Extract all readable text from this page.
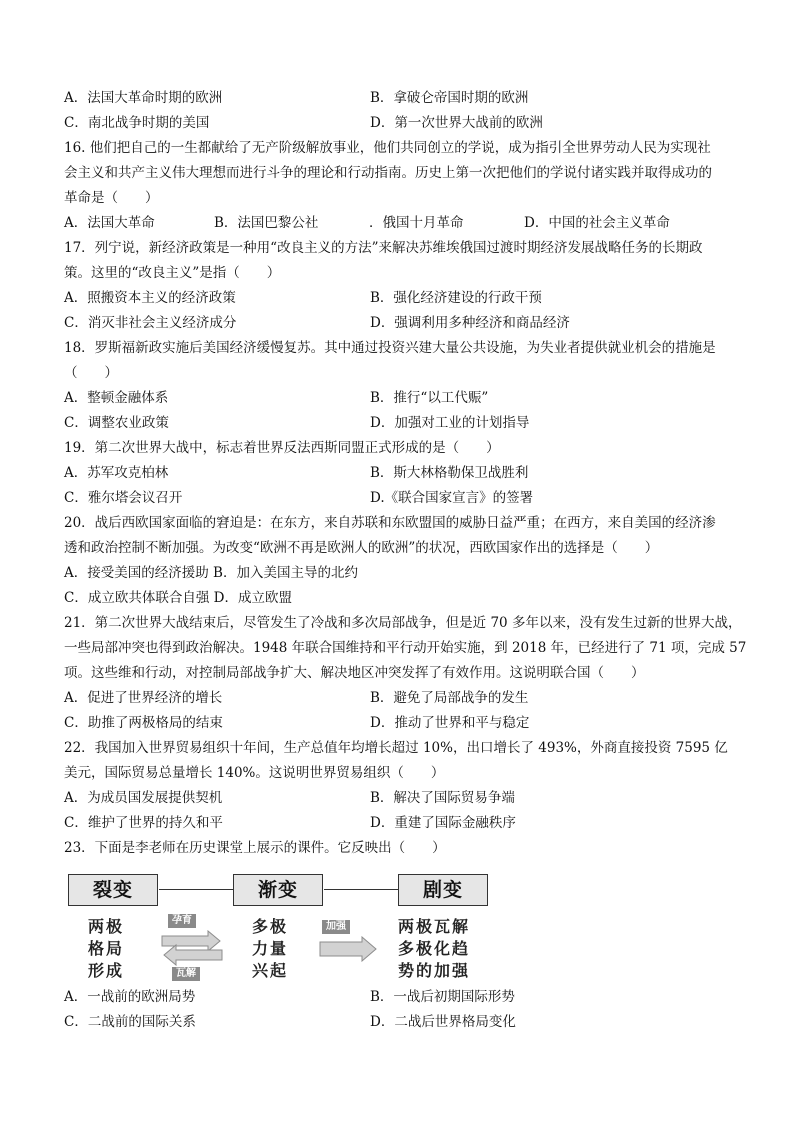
A．法国大革命时期的欧洲	B．拿破仑帝国时期的欧洲
C．南北战争时期的美国	D．第一次世界大战前的欧洲
16. 他们把自己的一生都献给了无产阶级解放事业，他们共同创立的学说，成为指引全世界劳动人民为实现社
会主义和共产主义伟大理想而进行斗争的理论和行动指南。历史上第一次把他们的学说付诸实践并取得成功的
革命是（　　）
A．法国大革命	B．法国巴黎公社	．俄国十月革命	D．中国的社会主义革命
17．列宁说，新经济政策是一种用“改良主义的方法”来解决苏维埃俄国过渡时期经济发展战略任务的长期政
策。这里的“改良主义”是指（　　）
A．照搬资本主义的经济政策	B．强化经济建设的行政干预
C．消灭非社会主义经济成分	D．强调利用多种经济和商品经济
18．罗斯福新政实施后美国经济缓慢复苏。其中通过投资兴建大量公共设施，为失业者提供就业机会的措施是
（　　）
A．整顿金融体系	B．推行“以工代赈”
C．调整农业政策	D．加强对工业的计划指导
19．第二次世界大战中，标志着世界反法西斯同盟正式形成的是（　　）
A．苏军攻克柏林	B．斯大林格勒保卫战胜利
C．雅尔塔会议召开	D.《联合国家宣言》的签署
20．战后西欧国家面临的窘迫是：在东方，来自苏联和东欧盟国的威胁日益严重；在西方，来自美国的经济渗
透和政治控制不断加强。为改变“欧洲不再是欧洲人的欧洲”的状况，西欧国家作出的选择是（　　）
A．接受美国的经济援助 B．加入美国主导的北约
C．成立欧共体联合自强 D．成立欧盟
21．第二次世界大战结束后，尽管发生了冷战和多次局部战争，但是近 70 多年以来，没有发生过新的世界大战，
一些局部冲突也得到政治解决。1948 年联合国维持和平行动开始实施，到 2018 年，已经进行了 71 项，完成 57
项。这些维和行动，对控制局部战争扩大、解决地区冲突发挥了有效作用。这说明联合国（　　）
A．促进了世界经济的增长	B．避免了局部战争的发生
C．助推了两极格局的结束	D．推动了世界和平与稳定
22．我国加入世界贸易组织十年间，生产总值年均增长超过 10%，出口增长了 493%，外商直接投资 7595 亿
美元，国际贸易总量增长 140%。这说明世界贸易组织（　　）
A．为成员国发展提供契机	B．解决了国际贸易争端
C．维护了世界的持久和平	D．重建了国际金融秩序
23．下面是李老师在历史课堂上展示的课件。它反映出（　　）
裂变	渐变	剧变
两极
格局
形成
孕育
瓦解
多极
力量
兴起
加强	两极瓦解
多极化趋
势的加强
A．一战前的欧洲局势	B．一战后初期国际形势
C．二战前的国际关系	D．二战后世界格局变化
